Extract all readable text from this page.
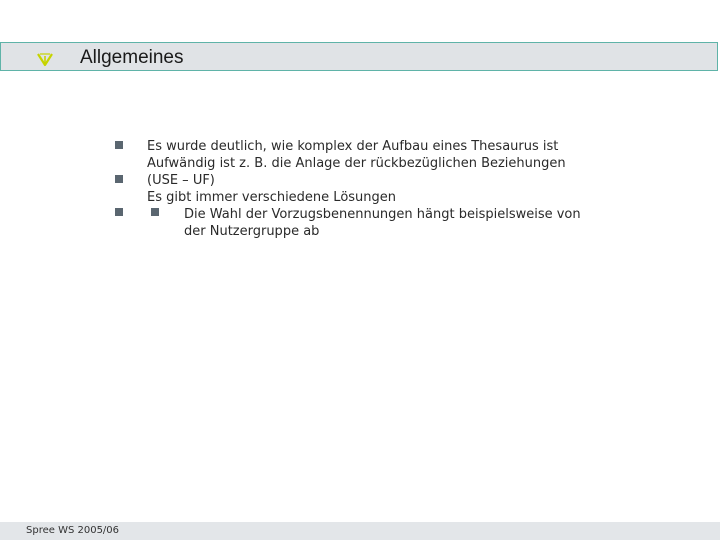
Allgemeines

Es wurde deutlich, wie komplex der Aufbau eines Thesaurus ist

Aufwändig ist z. B. die Anlage der rückbezüglichen Beziehungen (USE – UF)

Es gibt immer verschiedene Lösungen

Die Wahl der Vorzugsbenennungen hängt beispielsweise von der Nutzergruppe ab

Spree WS 2005/06
